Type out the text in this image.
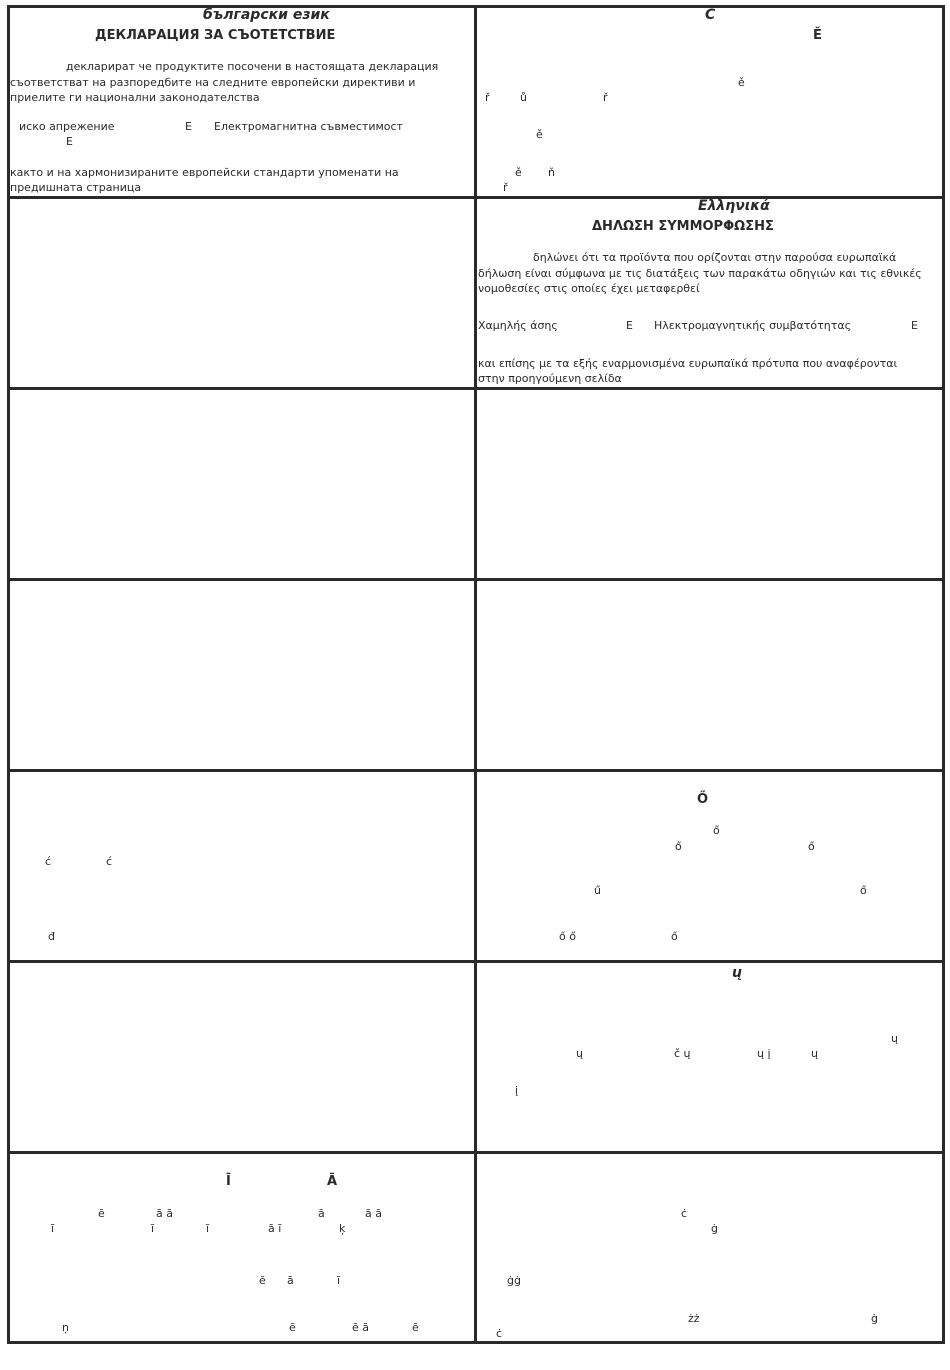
български език
ДЕКЛАРАЦИЯ ЗА СЪОТЕТСТВИЕ
декларират че продуктите посочени в настоящата декларация
съответстват на разпоредбите на следните европейски директиви и
приелите ги национални законодателства
иско апрежение	Е Електромагнитна съвместимост
Е
както и на хармонизираните европейски стандарти упоменати на
предишната страница
Č
Ě
ě
ř	ů	ř
ě
ě ň
ř
Ελληνικά
ΔΗΛΩΣΗ ΣΥΜΜΟΡΦΩΣΗΣ
δηλώνει ότι τα προϊόντα που ορίζονται στην παρούσα ευρωπαϊκά
δήλωση είναι σύμφωνα με τις διατάξεις των παρακάτω οδηγιών και τις εθνικές
νομοθεσίες στις οποίες έχει μεταφερθεί
Χαμηλής άσης	Ε Ηλεκτρομαγνητικής συμβατότητας	Ε
και επίσης με τα εξής εναρμονισμένα ευρωπαϊκά πρότυπα που αναφέρονται
στην προηγούμενη σελίδα
ć	ć
đ
Ő
ő
ő	ő
ű	ő
ő ő	ő
ų
ų
ų	č ų	ų į	ų
į
Ī	Ā
ē	ā ā	ā	ā ā
ī	ī	ī	ā ī	ķ
ē ā	ī
ņ	ē	ē ā	ē
ċ
ġ
ġġ
żż	ġ
ċ
